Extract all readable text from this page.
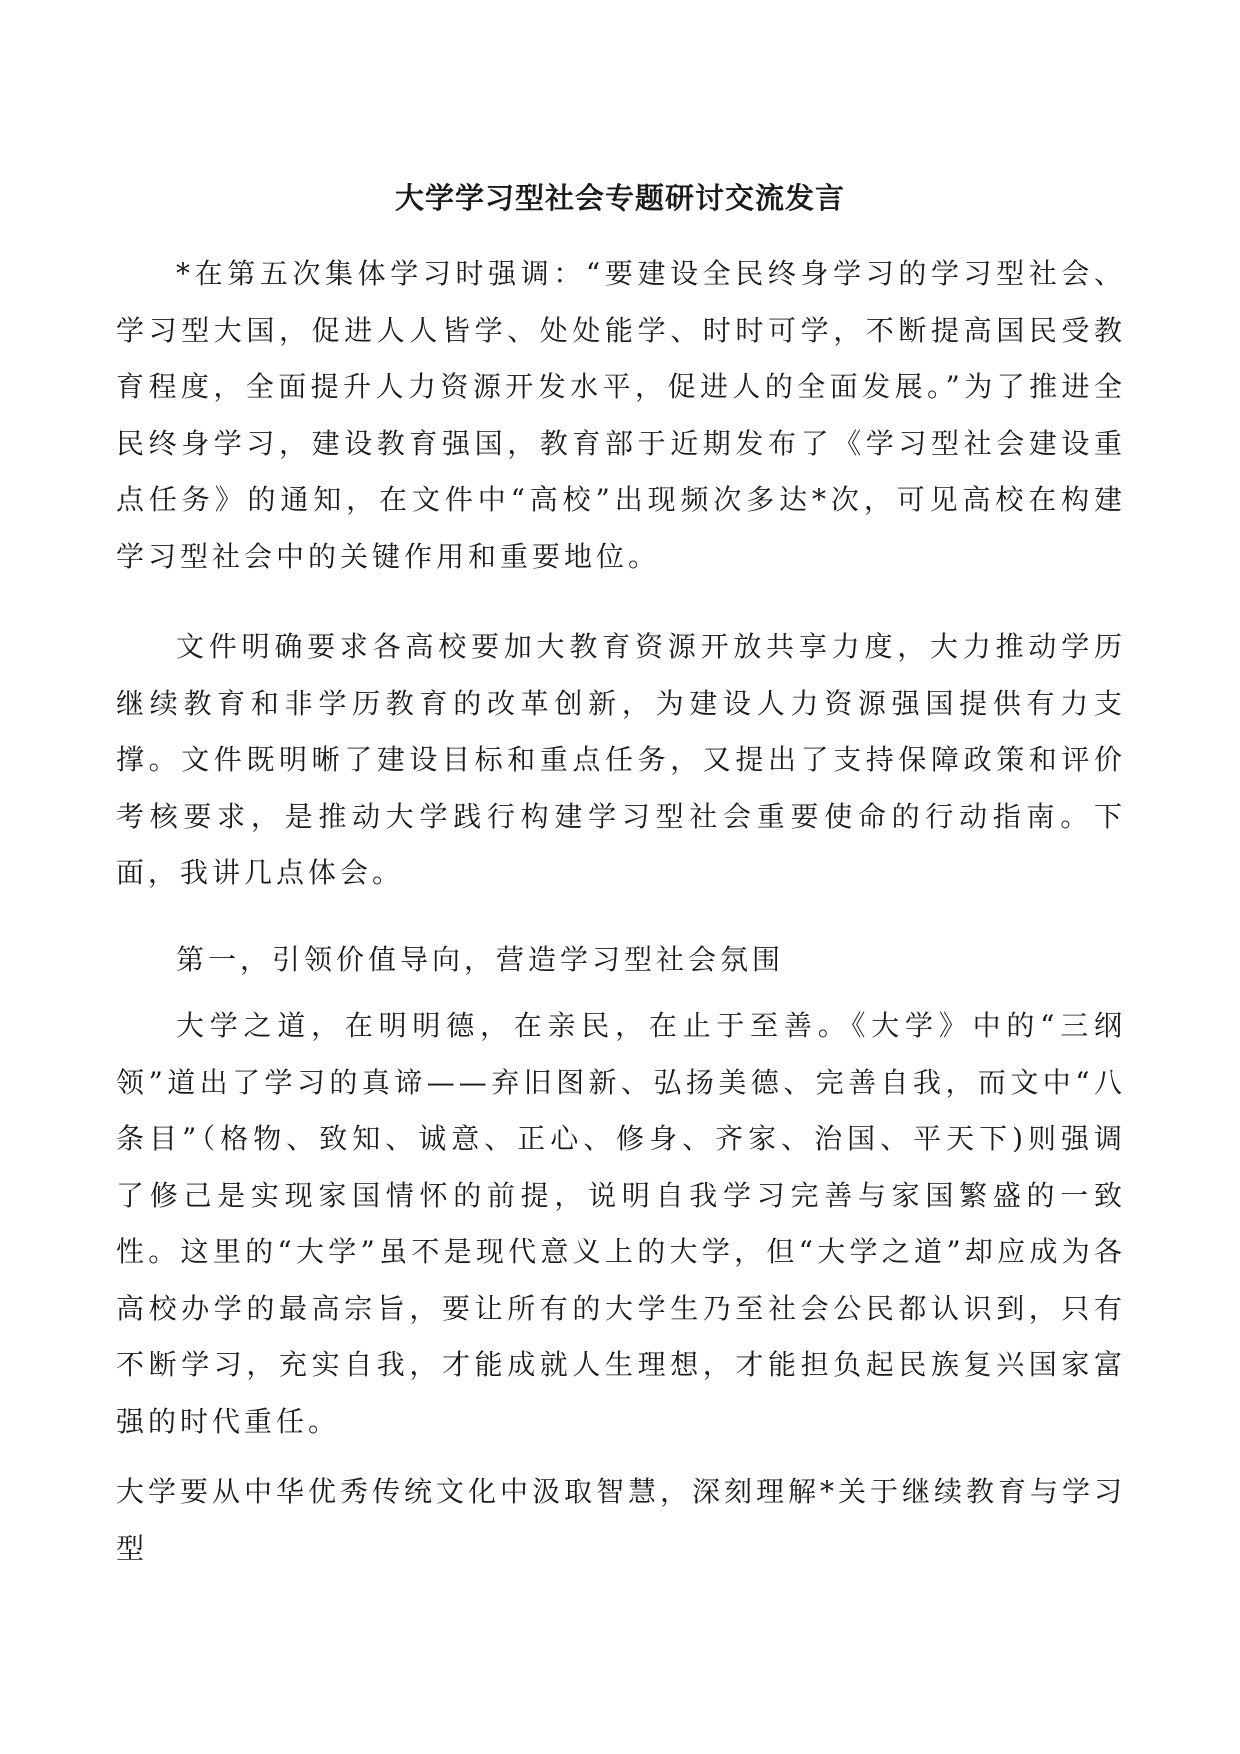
大学学习型社会专题研讨交流发言

*在第五次集体学习时强调：“要建设全民终身学习的学习型社会、学习型大国，促进人人皆学、处处能学、时时可学，不断提高国民受教育程度，全面提升人力资源开发水平，促进人的全面发展。”为了推进全民终身学习，建设教育强国，教育部于近期发布了《学习型社会建设重点任务》的通知，在文件中“高校”出现频次多达*次，可见高校在构建学习型社会中的关键作用和重要地位。

文件明确要求各高校要加大教育资源开放共享力度，大力推动学历继续教育和非学历教育的改革创新，为建设人力资源强国提供有力支撑。文件既明晰了建设目标和重点任务，又提出了支持保障政策和评价考核要求，是推动大学践行构建学习型社会重要使命的行动指南。下面，我讲几点体会。

第一，引领价值导向，营造学习型社会氛围

大学之道，在明明德，在亲民，在止于至善。《大学》中的“三纲领”道出了学习的真谛——弃旧图新、弘扬美德、完善自我，而文中“八条目”（格物、致知、诚意、正心、修身、齐家、治国、平天下)则强调了修己是实现家国情怀的前提，说明自我学习完善与家国繁盛的一致性。这里的“大学”虽不是现代意义上的大学，但“大学之道”却应成为各高校办学的最高宗旨，要让所有的大学生乃至社会公民都认识到，只有不断学习，充实自我，才能成就人生理想，才能担负起民族复兴国家富强的时代重任。

大学要从中华优秀传统文化中汲取智慧，深刻理解*关于继续教育与学习型
